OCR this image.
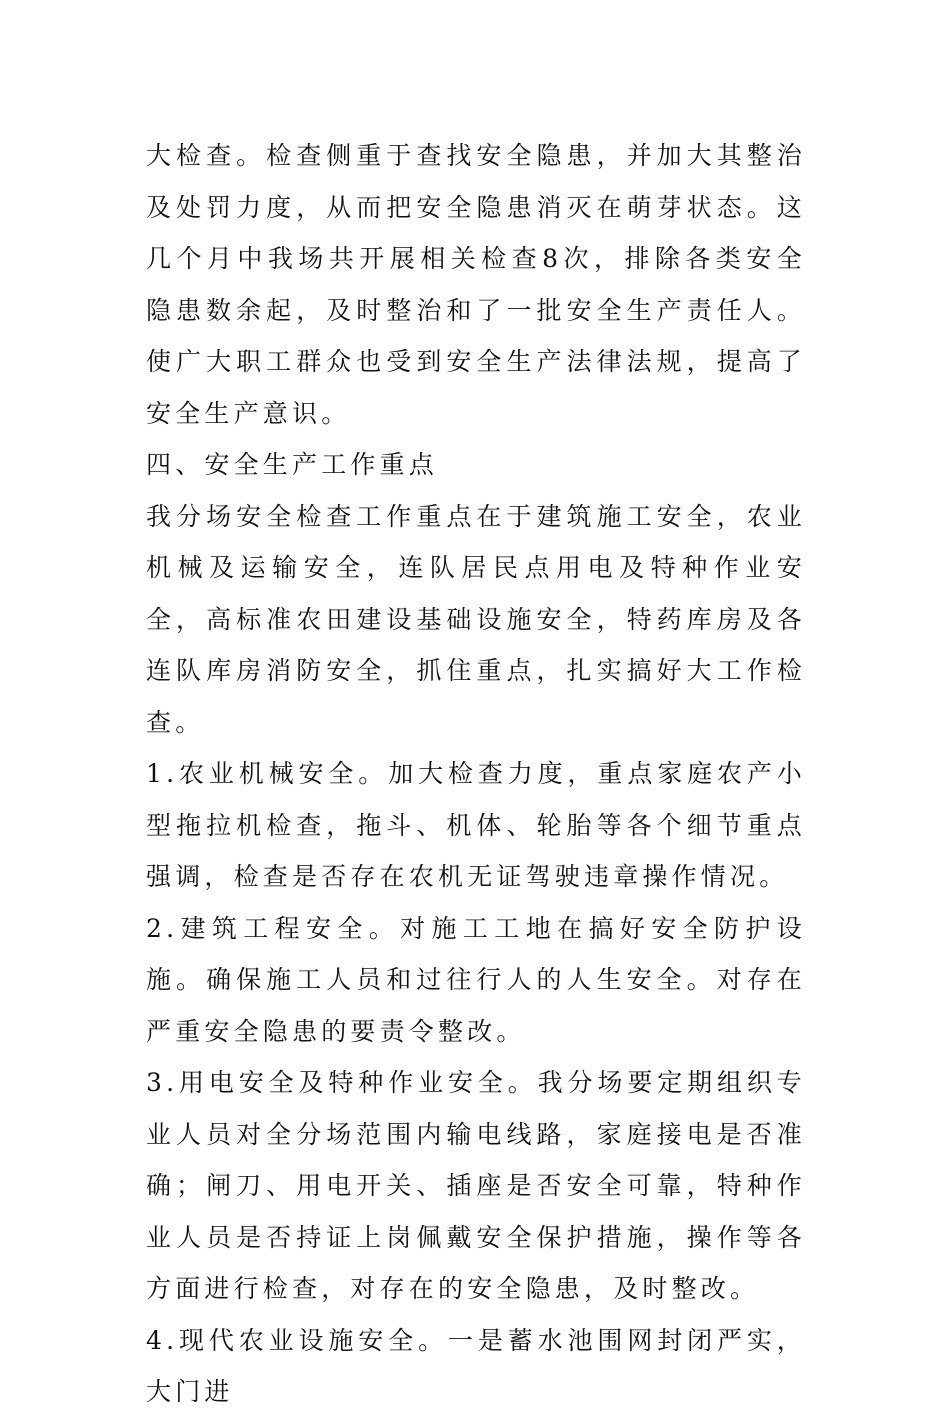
大检查。检查侧重于查找安全隐患，并加大其整治及处罚力度，从而把安全隐患消灭在萌芽状态。这几个月中我场共开展相关检查8次，排除各类安全隐患数余起，及时整治和了一批安全生产责任人。使广大职工群众也受到安全生产法律法规，提高了安全生产意识。

四、安全生产工作重点

我分场安全检查工作重点在于建筑施工安全，农业机械及运输安全，连队居民点用电及特种作业安全，高标准农田建设基础设施安全，特药库房及各连队库房消防安全，抓住重点，扎实搞好大工作检查。

1.农业机械安全。加大检查力度，重点家庭农产小型拖拉机检查，拖斗、机体、轮胎等各个细节重点强调，检查是否存在农机无证驾驶违章操作情况。

2.建筑工程安全。对施工工地在搞好安全防护设施。确保施工人员和过往行人的人生安全。对存在严重安全隐患的要责令整改。

3.用电安全及特种作业安全。我分场要定期组织专业人员对全分场范围内输电线路，家庭接电是否准确；闸刀、用电开关、插座是否安全可靠，特种作业人员是否持证上岗佩戴安全保护措施，操作等各方面进行检查，对存在的安全隐患，及时整改。

4.现代农业设施安全。一是蓄水池围网封闭严实，大门进
